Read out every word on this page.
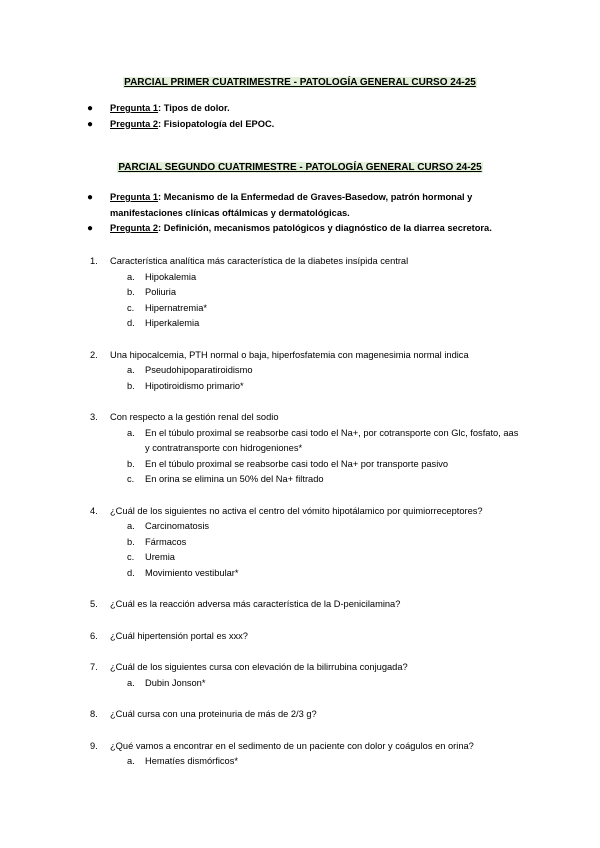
PARCIAL PRIMER CUATRIMESTRE - PATOLOGÍA GENERAL CURSO 24-25
● Pregunta 1: Tipos de dolor.
● Pregunta 2: Fisiopatología del EPOC.
PARCIAL SEGUNDO CUATRIMESTRE - PATOLOGÍA GENERAL CURSO 24-25
● Pregunta 1: Mecanismo de la Enfermedad de Graves-Basedow, patrón hormonal y manifestaciones clínicas oftálmicas y dermatológicas.
● Pregunta 2: Definición, mecanismos patológicos y diagnóstico de la diarrea secretora.
1. Característica analítica más característica de la diabetes insípida central
a. Hipokalemia
b. Poliuria
c. Hipernatremia*
d. Hiperkalemia
2. Una hipocalcemia, PTH normal o baja, hiperfosfatemia con magenesimia normal indica
a. Pseudohipoparatiroidismo
b. Hipotiroidismo primario*
3. Con respecto a la gestión renal del sodio
a. En el túbulo proximal se reabsorbe casi todo el Na+, por cotransporte con Glc, fosfato, aas y contratransporte con hidrogeniones*
b. En el túbulo proximal se reabsorbe casi todo el Na+ por transporte pasivo
c. En orina se elimina un 50% del Na+ filtrado
4. ¿Cuál de los siguientes no activa el centro del vómito hipotálamico por quimiorreceptores?
a. Carcinomatosis
b. Fármacos
c. Uremia
d. Movimiento vestibular*
5. ¿Cuál es la reacción adversa más característica de la D-penicilamina?
6. ¿Cuál hipertensión portal es xxx?
7. ¿Cuál de los siguientes cursa con elevación de la bilirrubina conjugada?
a. Dubin Jonson*
8. ¿Cuál cursa con una proteinuria de más de 2/3 g?
9. ¿Qué vamos a encontrar en el sedimento de un paciente con dolor y coágulos en orina?
a. Hematíes dismórficos*
